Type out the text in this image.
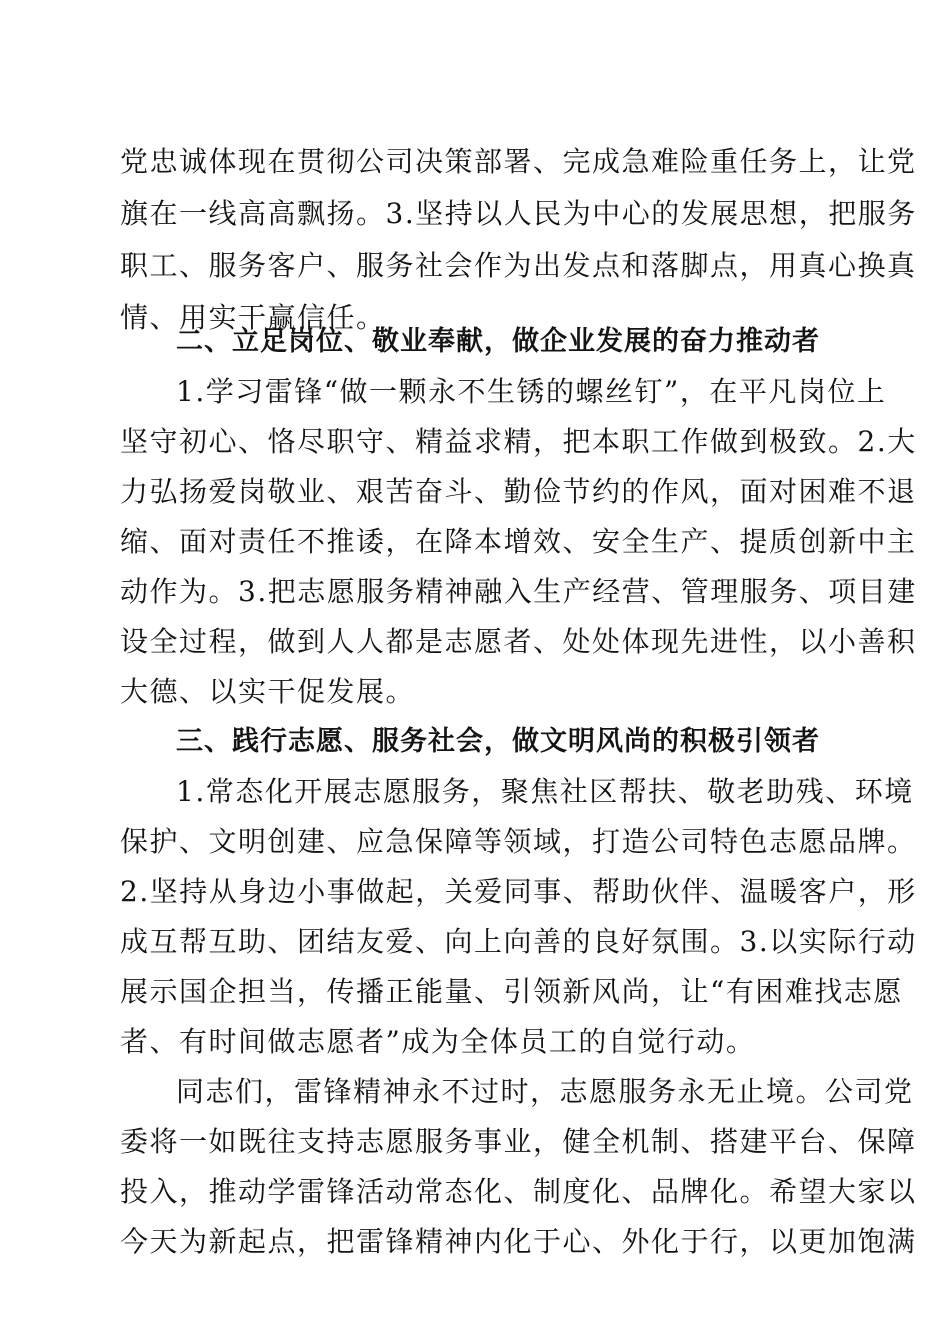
党忠诚体现在贯彻公司决策部署、完成急难险重任务上，让党
旗在一线高高飘扬。3.坚持以人民为中心的发展思想，把服务
职工、服务客户、服务社会作为出发点和落脚点，用真心换真
情、用实干赢信任。
二、立足岗位、敬业奉献，做企业发展的奋力推动者
1.学习雷锋“做一颗永不生锈的螺丝钉”，在平凡岗位上
坚守初心、恪尽职守、精益求精，把本职工作做到极致。2.大
力弘扬爱岗敬业、艰苦奋斗、勤俭节约的作风，面对困难不退
缩、面对责任不推诿，在降本增效、安全生产、提质创新中主
动作为。3.把志愿服务精神融入生产经营、管理服务、项目建
设全过程，做到人人都是志愿者、处处体现先进性，以小善积
大德、以实干促发展。
三、践行志愿、服务社会，做文明风尚的积极引领者
1.常态化开展志愿服务，聚焦社区帮扶、敬老助残、环境
保护、文明创建、应急保障等领域，打造公司特色志愿品牌。
2.坚持从身边小事做起，关爱同事、帮助伙伴、温暖客户，形
成互帮互助、团结友爱、向上向善的良好氛围。3.以实际行动
展示国企担当，传播正能量、引领新风尚，让“有困难找志愿
者、有时间做志愿者”成为全体员工的自觉行动。
同志们，雷锋精神永不过时，志愿服务永无止境。公司党
委将一如既往支持志愿服务事业，健全机制、搭建平台、保障
投入，推动学雷锋活动常态化、制度化、品牌化。希望大家以
今天为新起点，把雷锋精神内化于心、外化于行，以更加饱满
